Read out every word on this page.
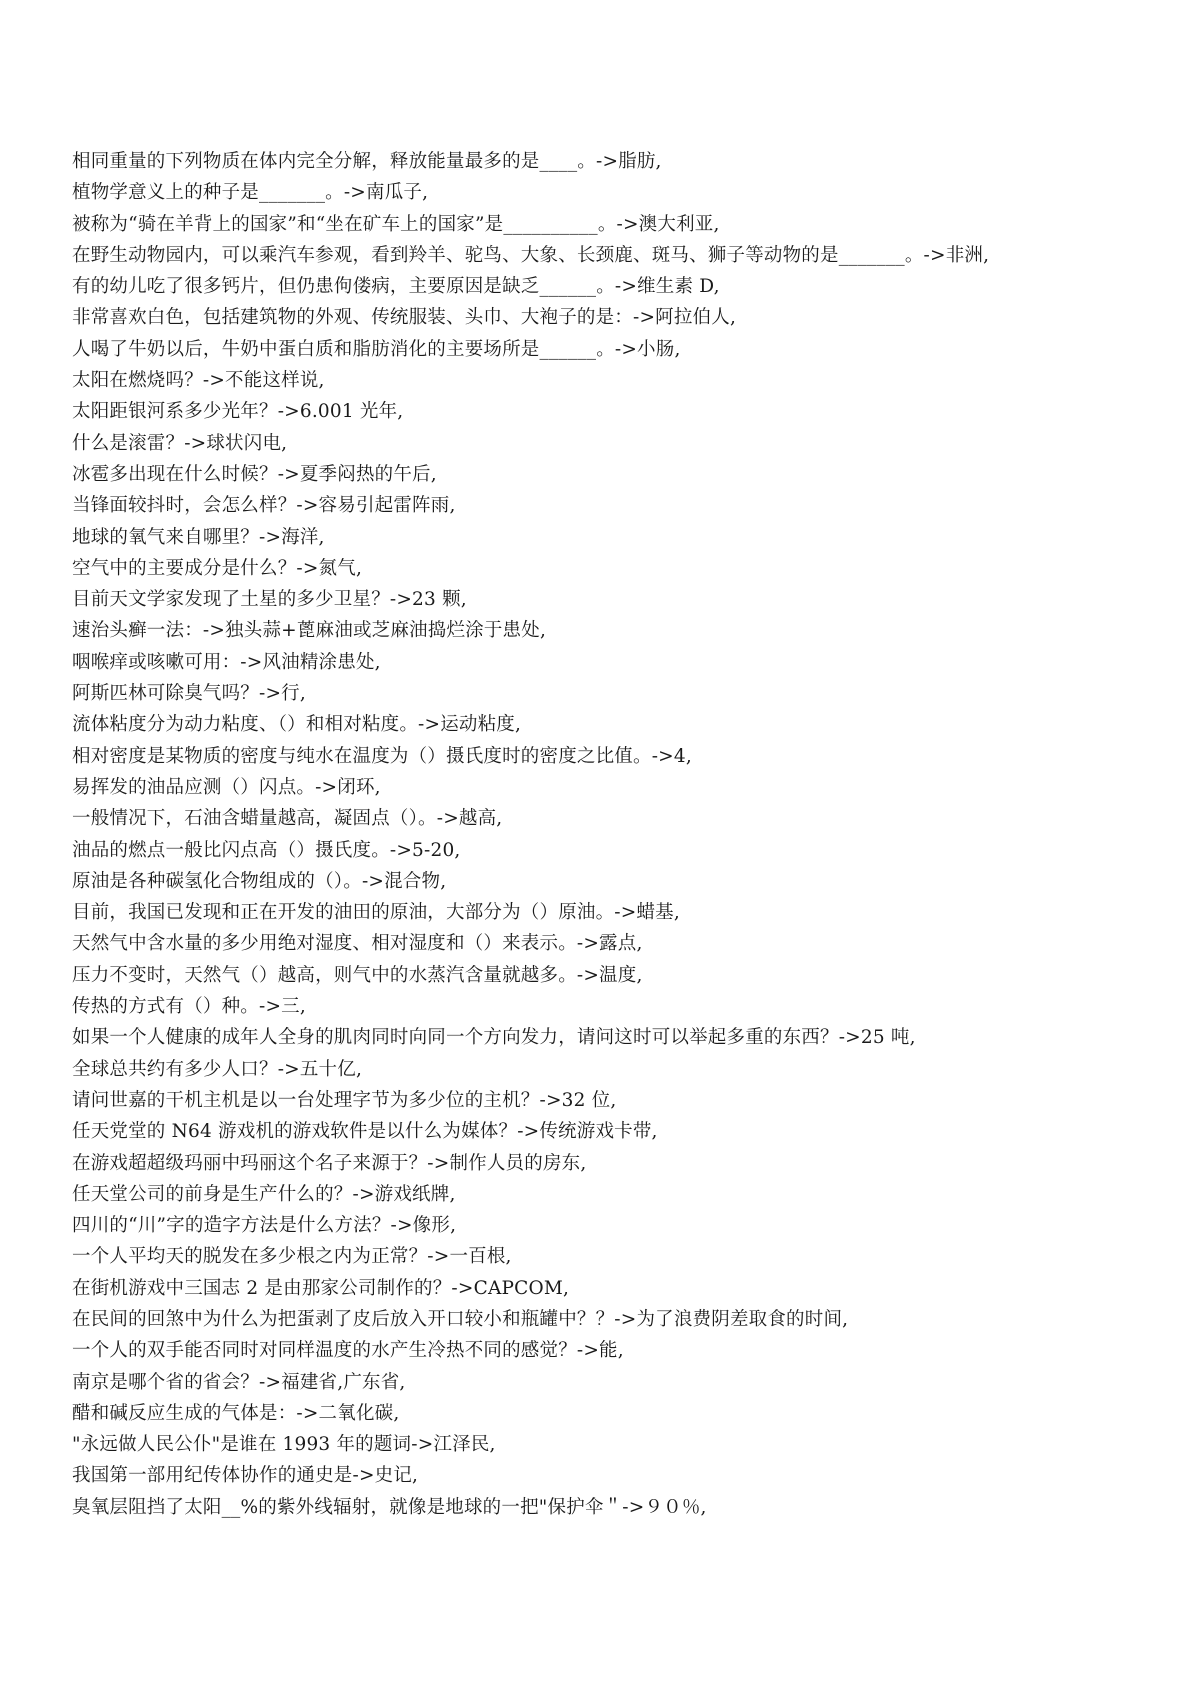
相同重量的下列物质在体内完全分解，释放能量最多的是____。->脂肪,
植物学意义上的种子是_______。->南瓜子,
被称为“骑在羊背上的国家”和“坐在矿车上的国家”是__________。->澳大利亚,
在野生动物园内，可以乘汽车参观，看到羚羊、驼鸟、大象、长颈鹿、斑马、狮子等动物的是_______。->非洲,
有的幼儿吃了很多钙片，但仍患佝偻病，主要原因是缺乏______。->维生素 D,
非常喜欢白色，包括建筑物的外观、传统服装、头巾、大袍子的是：->阿拉伯人,
人喝了牛奶以后，牛奶中蛋白质和脂肪消化的主要场所是______。->小肠,
太阳在燃烧吗？->不能这样说,
太阳距银河系多少光年？->6.001 光年,
什么是滚雷？->球状闪电,
冰雹多出现在什么时候？->夏季闷热的午后,
当锋面较抖时，会怎么样？->容易引起雷阵雨,
地球的氧气来自哪里？->海洋,
空气中的主要成分是什么？->氮气,
目前天文学家发现了土星的多少卫星？->23 颗,
速治头癣一法：->独头蒜+蓖麻油或芝麻油捣烂涂于患处,
咽喉痒或咳嗽可用：->风油精涂患处,
阿斯匹林可除臭气吗？->行,
流体粘度分为动力粘度、（）和相对粘度。->运动粘度,
相对密度是某物质的密度与纯水在温度为（）摄氏度时的密度之比值。->4,
易挥发的油品应测（）闪点。->闭环,
一般情况下，石油含蜡量越高，凝固点（）。->越高,
油品的燃点一般比闪点高（）摄氏度。->5-20,
原油是各种碳氢化合物组成的（）。->混合物,
目前，我国已发现和正在开发的油田的原油，大部分为（）原油。->蜡基,
天然气中含水量的多少用绝对湿度、相对湿度和（）来表示。->露点,
压力不变时，天然气（）越高，则气中的水蒸汽含量就越多。->温度,
传热的方式有（）种。->三,
如果一个人健康的成年人全身的肌肉同时向同一个方向发力，请问这时可以举起多重的东西？->25 吨,
全球总共约有多少人口？->五十亿,
请问世嘉的干机主机是以一台处理字节为多少位的主机？->32 位,
任天党堂的 N64 游戏机的游戏软件是以什么为媒体？->传统游戏卡带,
在游戏超超级玛丽中玛丽这个名子来源于？->制作人员的房东,
任天堂公司的前身是生产什么的？->游戏纸牌,
四川的“川”字的造字方法是什么方法？->像形,
一个人平均天的脱发在多少根之内为正常？->一百根,
在街机游戏中三国志 2 是由那家公司制作的？->CAPCOM,
在民间的回煞中为什么为把蛋剥了皮后放入开口较小和瓶罐中？？->为了浪费阴差取食的时间,
一个人的双手能否同时对同样温度的水产生冷热不同的感觉？->能,
南京是哪个省的省会？->福建省,广东省,
醋和碱反应生成的气体是：->二氧化碳,
"永远做人民公仆"是谁在 1993 年的题词->江泽民,
我国第一部用纪传体协作的通史是->史记,
臭氧层阻挡了太阳__%的紫外线辐射，就像是地球的一把"保护伞＂->９０％,
